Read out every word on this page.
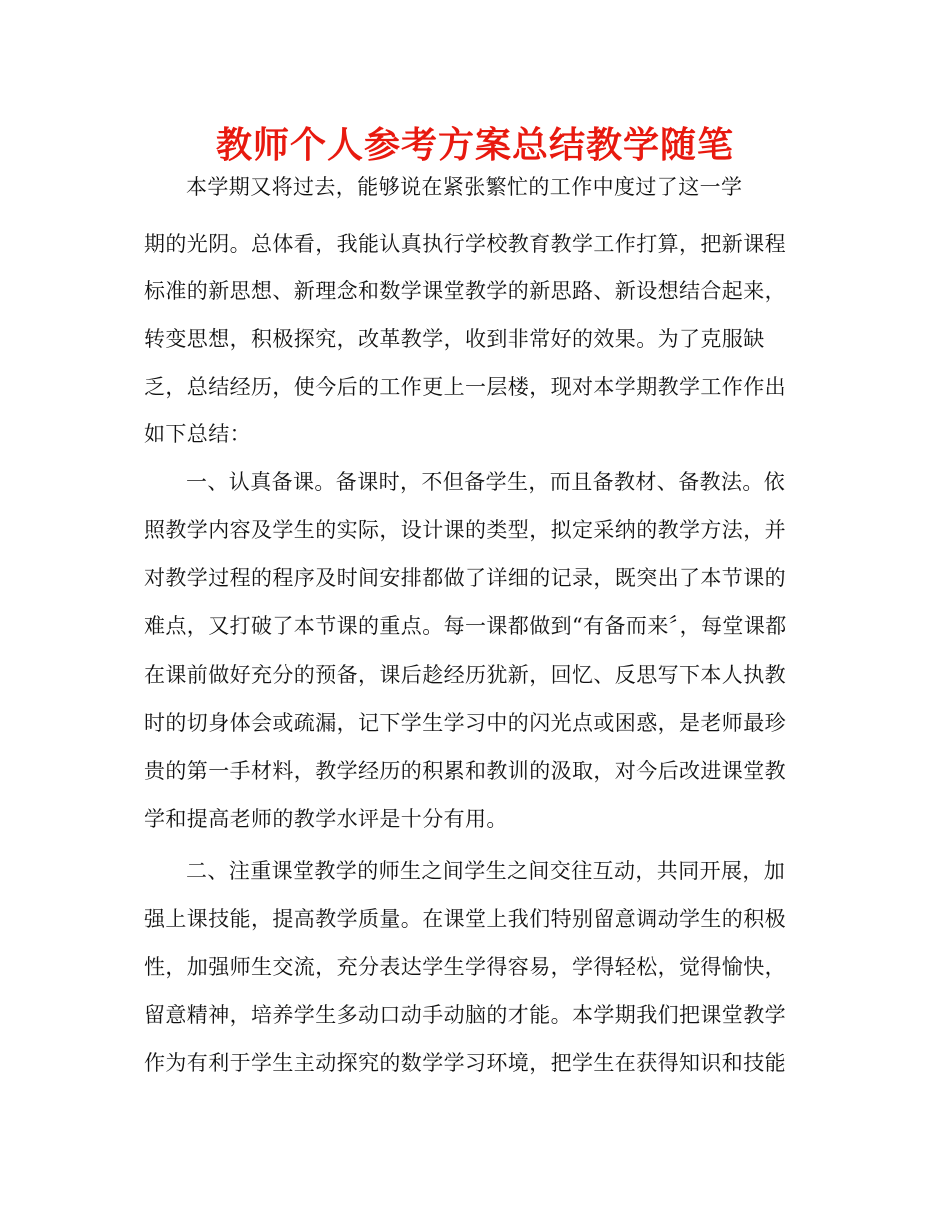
教师个人参考方案总结教学随笔
本学期又将过去，能够说在紧张繁忙的工作中度过了这一学
期的光阴。总体看，我能认真执行学校教育教学工作打算，把新课程
标准的新思想、新理念和数学课堂教学的新思路、新设想结合起来，
转变思想，积极探究，改革教学，收到非常好的效果。为了克服缺
乏，总结经历，使今后的工作更上一层楼，现对本学期教学工作作出
如下总结：
一、认真备课。备课时，不但备学生，而且备教材、备教法。依
照教学内容及学生的实际，设计课的类型，拟定采纳的教学方法，并
对教学过程的程序及时间安排都做了详细的记录，既突出了本节课的
难点，又打破了本节课的重点。每一课都做到“有备而来〞，每堂课都
在课前做好充分的预备，课后趁经历犹新，回忆、反思写下本人执教
时的切身体会或疏漏，记下学生学习中的闪光点或困惑，是老师最珍
贵的第一手材料，教学经历的积累和教训的汲取，对今后改进课堂教
学和提高老师的教学水评是十分有用。
二、注重课堂教学的师生之间学生之间交往互动，共同开展，加
强上课技能，提高教学质量。在课堂上我们特别留意调动学生的积极
性，加强师生交流，充分表达学生学得容易，学得轻松，觉得愉快，
留意精神，培养学生多动口动手动脑的才能。本学期我们把课堂教学
作为有利于学生主动探究的数学学习环境，把学生在获得知识和技能
